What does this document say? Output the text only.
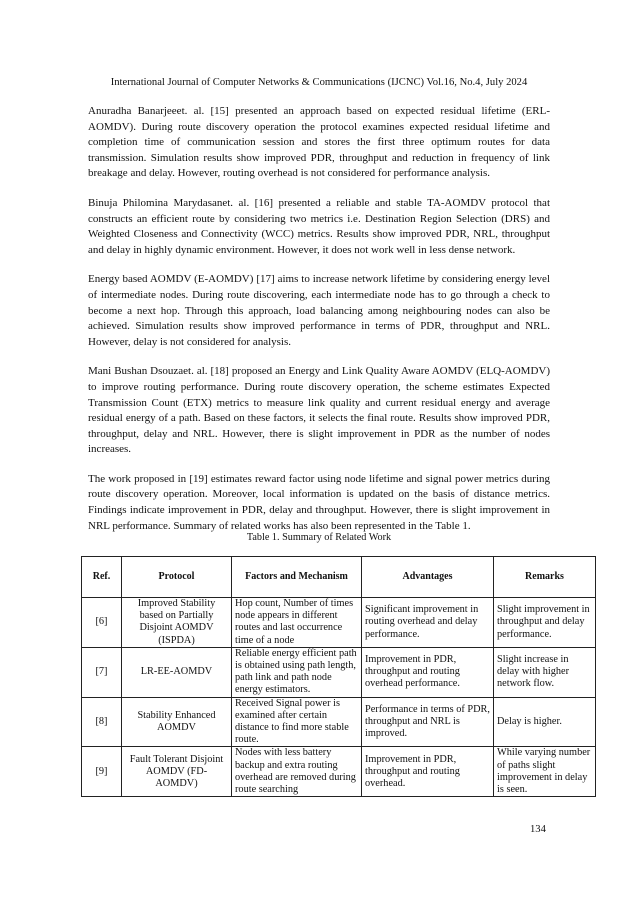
International Journal of Computer Networks & Communications (IJCNC) Vol.16, No.4, July 2024

Anuradha Banarjeeet. al. [15] presented an approach based on expected residual lifetime (ERL-AOMDV). During route discovery operation the protocol examines expected residual lifetime and completion time of communication session and stores the first three optimum routes for data transmission. Simulation results show improved PDR, throughput and reduction in frequency of link breakage and delay. However, routing overhead is not considered for performance analysis.

Binuja Philomina Marydasanet. al. [16] presented a reliable and stable TA-AOMDV protocol that constructs an efficient route by considering two metrics i.e. Destination Region Selection (DRS) and Weighted Closeness and Connectivity (WCC) metrics. Results show improved PDR, NRL, throughput and delay in highly dynamic environment. However, it does not work well in less dense network.

Energy based AOMDV (E-AOMDV) [17] aims to increase network lifetime by considering energy level of intermediate nodes. During route discovering, each intermediate node has to go through a check to become a next hop. Through this approach, load balancing among neighbouring nodes can also be achieved. Simulation results show improved performance in terms of PDR, throughput and NRL. However, delay is not considered for analysis.

Mani Bushan Dsouzaet. al. [18] proposed an Energy and Link Quality Aware AOMDV (ELQ-AOMDV) to improve routing performance. During route discovery operation, the scheme estimates Expected Transmission Count (ETX) metrics to measure link quality and current residual energy and average residual energy of a path. Based on these factors, it selects the final route. Results show improved PDR, throughput, delay and NRL. However, there is slight improvement in PDR as the number of nodes increases.

The work proposed in [19] estimates reward factor using node lifetime and signal power metrics during route discovery operation. Moreover, local information is updated on the basis of distance metrics. Findings indicate improvement in PDR, delay and throughput. However, there is slight improvement in NRL performance. Summary of related works has also been represented in the Table 1.

Table 1. Summary of Related Work
Ref.	Protocol	Factors and Mechanism	Advantages	Remarks
[6]	Improved Stability based on Partially Disjoint AOMDV (ISPDA)	Hop count, Number of times node appears in different routes and last occurrence time of a node	Significant improvement in routing overhead and delay performance.	Slight improvement in throughput and delay performance.
[7]	LR-EE-AOMDV	Reliable energy efficient path is obtained using path length, path link and path node energy estimators.	Improvement in PDR, throughput and routing overhead performance.	Slight increase in delay with higher network flow.
[8]	Stability Enhanced AOMDV	Received Signal power is examined after certain distance to find more stable route.	Performance in terms of PDR, throughput and NRL is improved.	Delay is higher.
[9]	Fault Tolerant Disjoint AOMDV (FD-AOMDV)	Nodes with less battery backup and extra routing overhead are removed during route searching	Improvement in PDR, throughput and routing overhead.	While varying number of paths slight improvement in delay is seen.
134
